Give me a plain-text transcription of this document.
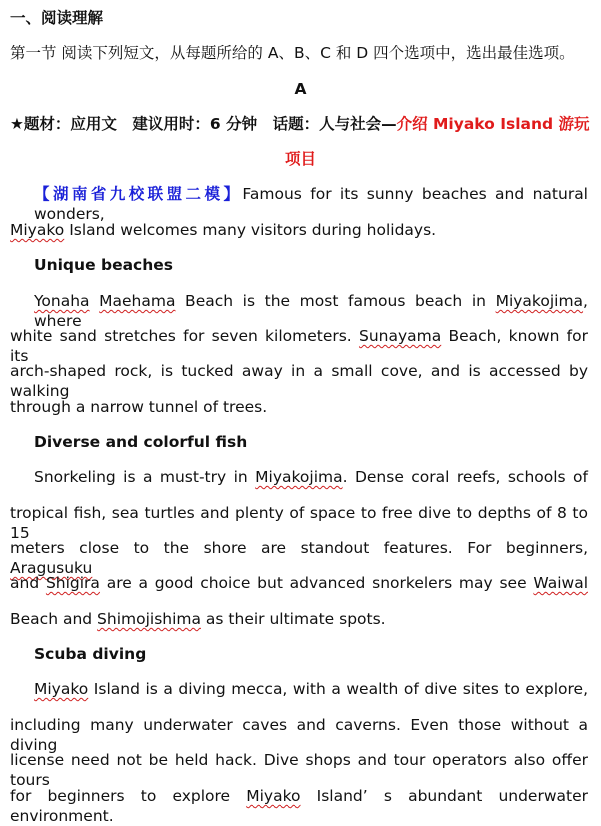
一、阅读理解
第一节 阅读下列短文，从每题所给的 A、B、C 和 D 四个选项中，选出最佳选项。
A
★题材：应用文　建议用时：6 分钟　话题：人与社会—介绍 Miyako Island 游玩
项目
【湖南省九校联盟二模】Famous for its sunny beaches and natural wonders,
Miyako Island welcomes many visitors during holidays.
Unique beaches
Yonaha Maehama Beach is the most famous beach in Miyakojima, where
white sand stretches for seven kilometers. Sunayama Beach, known for its
arch-shaped rock, is tucked away in a small cove, and is accessed by walking
through a narrow tunnel of trees.
Diverse and colorful fish
Snorkeling is a must-try in Miyakojima. Dense coral reefs, schools of
tropical fish, sea turtles and plenty of space to free dive to depths of 8 to 15
meters close to the shore are standout features. For beginners, Aragusuku
and Shigira are a good choice but advanced snorkelers may see Waiwal
Beach and Shimojishima as their ultimate spots.
Scuba diving
Miyako Island is a diving mecca, with a wealth of dive sites to explore,
including many underwater caves and caverns. Even those without a diving
license need not be held hack. Dive shops and tour operators also offer tours
for beginners to explore Miyako Island’ s abundant underwater environment.
